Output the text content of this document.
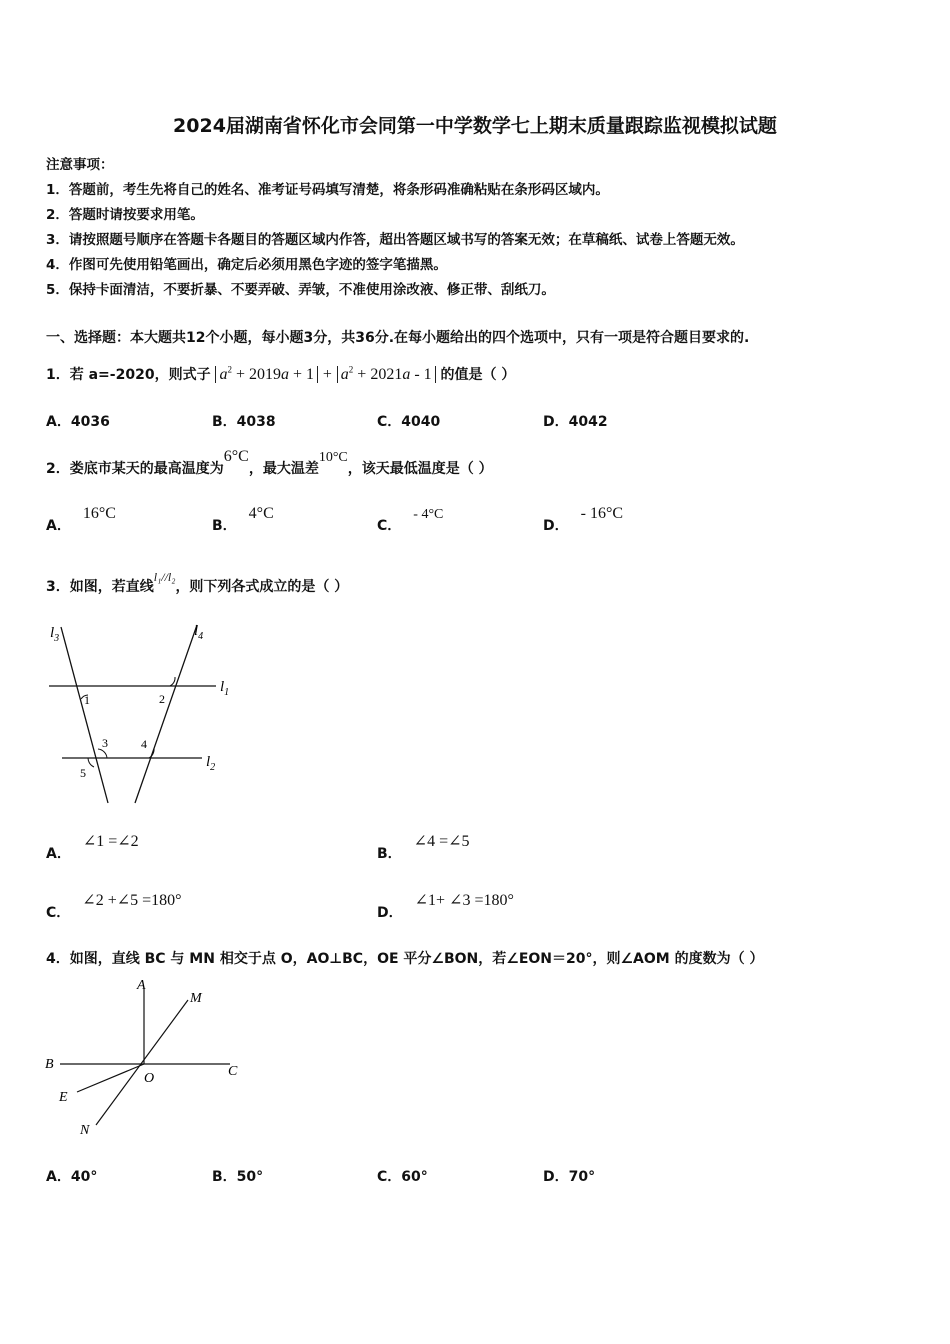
2024届湖南省怀化市会同第一中学数学七上期末质量跟踪监视模拟试题
注意事项：
1．答题前，考生先将自己的姓名、准考证号码填写清楚，将条形码准确粘贴在条形码区域内。
2．答题时请按要求用笔。
3．请按照题号顺序在答题卡各题目的答题区域内作答，超出答题区域书写的答案无效；在草稿纸、试卷上答题无效。
4．作图可先使用铅笔画出，确定后必须用黑色字迹的签字笔描黑。
5．保持卡面清洁，不要折暴、不要弄破、弄皱，不准使用涂改液、修正带、刮纸刀。
一、选择题：本大题共12个小题，每小题3分，共36分.在每小题给出的四个选项中，只有一项是符合题目要求的.
1．若 a=-2020，则式子 $a^2 + 2019a + 1 + a^2 + 2021a - 1$ 的值是（ ）
A．4036	B．4038	C．4040	D．4042
2．娄底市某天的最高温度为6°C，最大温差10°C，该天最低温度是（ ）
A．16°C
B．4°C
C．- 4°C
D．- 16°C
3．如图，若直线l₁//l₂，则下列各式成立的是（ ）
$l_3$	$l_4$
$l_1$
$l_2$
1	2
3	4
5
A．∠1 =∠2
B．∠4 =∠5
C．∠2 +∠5 =180°
D．∠1+ ∠3 =180°
4．如图，直线 BC 与 MN 相交于点 O，AO⊥BC，OE 平分∠BON，若∠EON＝20°，则∠AOM 的度数为（ ）
A
M
B
O	C
E
N
A．40°	B．50°	C．60°	D．70°
